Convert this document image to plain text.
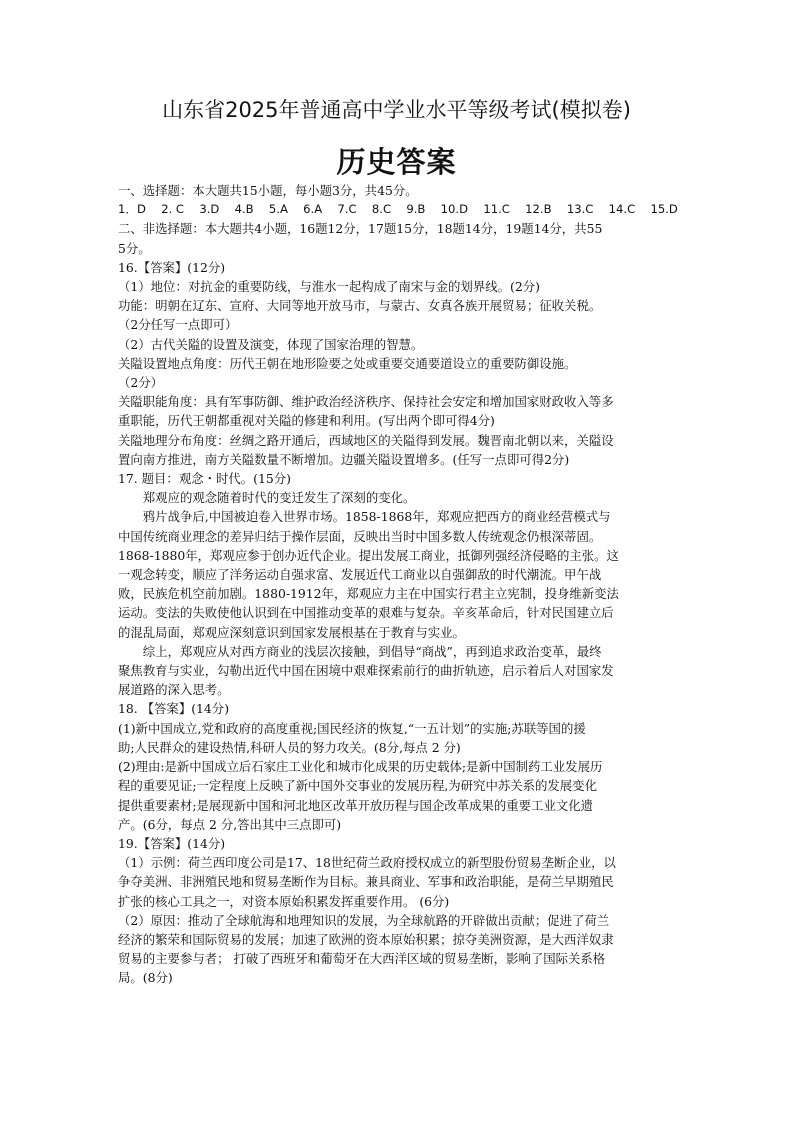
山东省2025年普通高中学业水平等级考试(模拟卷)
历史答案

一、选择题：本大题共15小题，每小题3分，共45分。

1．D 2. C 3.D 4.B 5.A 6.A 7.C 8.C 9.B 10.D 11.C 12.B 13.C 14.C 15.D

二、非选择题：本大题共4小题，16题12分，17题15分，18题14分，19题14分，共55

5分。

16.【答案】(12分)

（1）地位：对抗金的重要防线，与淮水一起构成了南宋与金的划界线。(2分)

功能：明朝在辽东、宣府、大同等地开放马市，与蒙古、女真各族开展贸易；征收关税。

（2分任写一点即可）

（2）古代关隘的设置及演变，体现了国家治理的智慧。

关隘设置地点角度：历代王朝在地形险要之处或重要交通要道设立的重要防御设施。

（2分）

关隘职能角度：具有军事防御、维护政治经济秩序、保持社会安定和增加国家财政收入等多

重职能，历代王朝都重视对关隘的修建和利用。(写出两个即可得4分)

关隘地理分布角度：丝绸之路开通后，西域地区的关隘得到发展。魏晋南北朝以来，关隘设

置向南方推进，南方关隘数量不断增加。边疆关隘设置增多。(任写一点即可得2分)

17. 题目：观念・时代。(15分)

郑观应的观念随着时代的变迁发生了深刻的变化。

鸦片战争后,中国被迫卷入世界市场。1858-1868年，郑观应把西方的商业经营模式与

中国传统商业理念的差异归结于操作层面，反映出当时中国多数人传统观念仍根深蒂固。

1868-1880年，郑观应参于创办近代企业。提出发展工商业，抵御列强经济侵略的主张。这

一观念转变，顺应了洋务运动自强求富、发展近代工商业以自强御敌的时代潮流。甲午战

败，民族危机空前加剧。1880-1912年，郑观应力主在中国实行君主立宪制，投身维新变法

运动。变法的失败使他认识到在中国推动变革的艰难与复杂。辛亥革命后，针对民国建立后

的混乱局面，郑观应深刻意识到国家发展根基在于教育与实业。

综上，郑观应从对西方商业的浅层次接触，到倡导“商战”，再到追求政治变革，最终

聚焦教育与实业，勾勒出近代中国在困境中艰难探索前行的曲折轨迹，启示着后人对国家发

展道路的深入思考。

18. 【答案】(14分)

(1)新中国成立,党和政府的高度重视;国民经济的恢复,“一五计划”的实施;苏联等国的援

助;人民群众的建设热情,科研人员的努力攻关。(8分,每点 2 分)

(2)理由:是新中国成立后石家庄工业化和城市化成果的历史载体;是新中国制药工业发展历

程的重要见证;一定程度上反映了新中国外交事业的发展历程,为研究中苏关系的发展变化

提供重要素材;是展现新中国和河北地区改革开放历程与国企改革成果的重要工业文化遗

产。(6分，每点 2 分,答出其中三点即可)

19.【答案】(14分)

（1）示例：荷兰西印度公司是17、18世纪荷兰政府授权成立的新型股份贸易垄断企业，以

争夺美洲、非洲殖民地和贸易垄断作为目标。兼具商业、军事和政治职能，是荷兰早期殖民

扩张的核心工具之一，对资本原始积累发挥重要作用。 (6分)

（2）原因：推动了全球航海和地理知识的发展，为全球航路的开辟做出贡献；促进了荷兰

经济的繁荣和国际贸易的发展；加速了欧洲的资本原始积累；掠夺美洲资源，是大西洋奴隶

贸易的主要参与者； 打破了西班牙和葡萄牙在大西洋区域的贸易垄断，影响了国际关系格

局。(8分)
